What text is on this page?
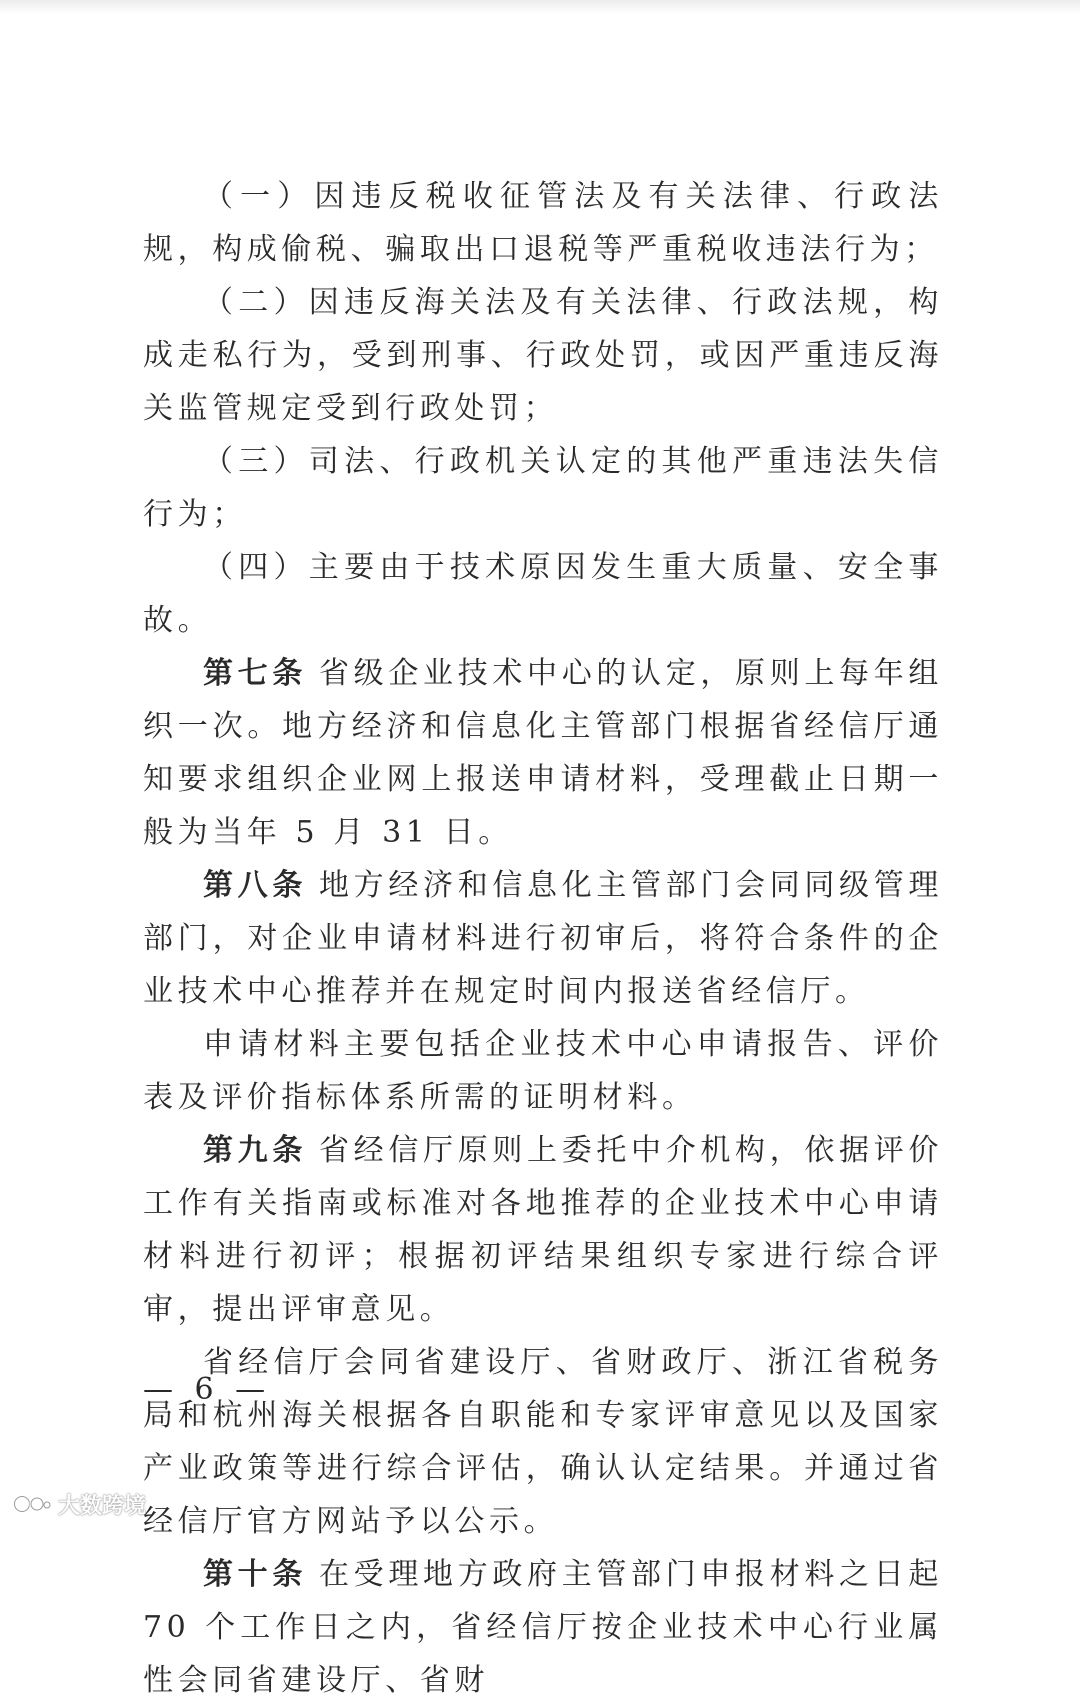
（一）因违反税收征管法及有关法律、行政法规，构成偷税、骗取出口退税等严重税收违法行为；

（二）因违反海关法及有关法律、行政法规，构成走私行为，受到刑事、行政处罚，或因严重违反海关监管规定受到行政处罚；

（三）司法、行政机关认定的其他严重违法失信行为；

（四）主要由于技术原因发生重大质量、安全事故。

第七条 省级企业技术中心的认定，原则上每年组织一次。地方经济和信息化主管部门根据省经信厅通知要求组织企业网上报送申请材料，受理截止日期一般为当年 5 月 31 日。

第八条 地方经济和信息化主管部门会同同级管理部门，对企业申请材料进行初审后，将符合条件的企业技术中心推荐并在规定时间内报送省经信厅。

申请材料主要包括企业技术中心申请报告、评价表及评价指标体系所需的证明材料。

第九条 省经信厅原则上委托中介机构，依据评价工作有关指南或标准对各地推荐的企业技术中心申请材料进行初评；根据初评结果组织专家进行综合评审，提出评审意见。

省经信厅会同省建设厅、省财政厅、浙江省税务局和杭州海关根据各自职能和专家评审意见以及国家产业政策等进行综合评估，确认认定结果。并通过省经信厅官方网站予以公示。

第十条 在受理地方政府主管部门申报材料之日起 70 个工作日之内，省经信厅按企业技术中心行业属性会同省建设厅、省财

— 6 —
大数跨境
